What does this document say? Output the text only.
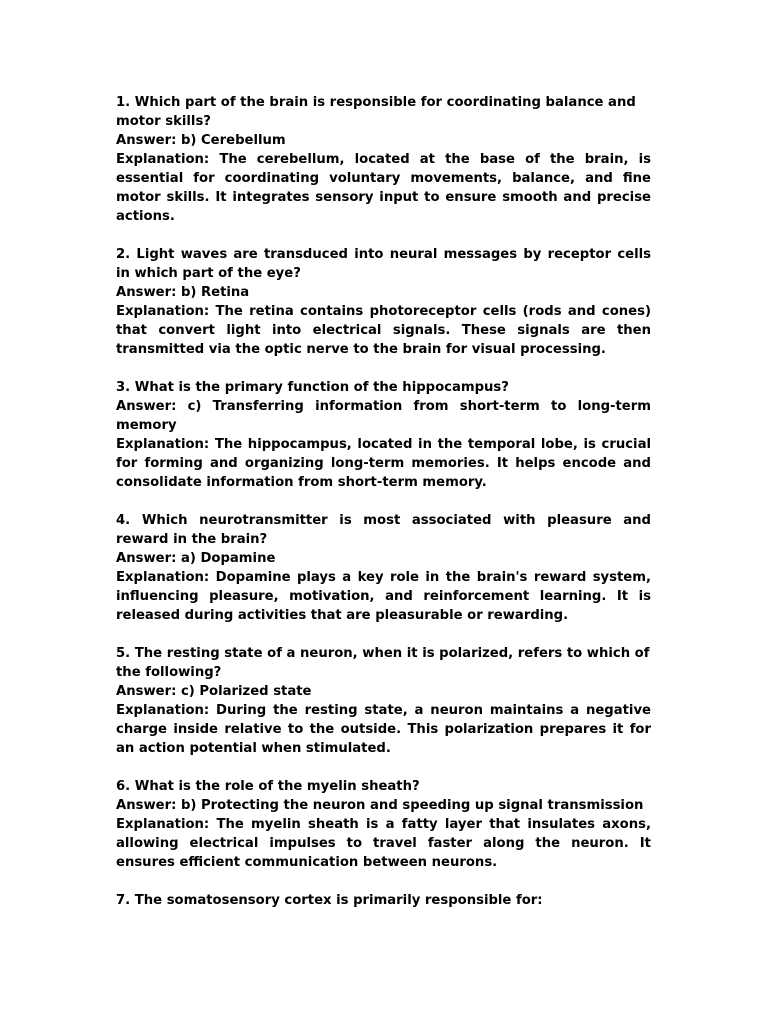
1. Which part of the brain is responsible for coordinating balance and motor skills?

Answer: b) Cerebellum

Explanation: The cerebellum, located at the base of the brain, is essential for coordinating voluntary movements, balance, and fine motor skills. It integrates sensory input to ensure smooth and precise actions.

2. Light waves are transduced into neural messages by receptor cells in which part of the eye?

Answer: b) Retina

Explanation: The retina contains photoreceptor cells (rods and cones) that convert light into electrical signals. These signals are then transmitted via the optic nerve to the brain for visual processing.

3. What is the primary function of the hippocampus?

Answer: c) Transferring information from short-term to long-term memory

Explanation: The hippocampus, located in the temporal lobe, is crucial for forming and organizing long-term memories. It helps encode and consolidate information from short-term memory.

4. Which neurotransmitter is most associated with pleasure and reward in the brain?

Answer: a) Dopamine

Explanation: Dopamine plays a key role in the brain's reward system, influencing pleasure, motivation, and reinforcement learning. It is released during activities that are pleasurable or rewarding.

5. The resting state of a neuron, when it is polarized, refers to which of the following?

Answer: c) Polarized state

Explanation: During the resting state, a neuron maintains a negative charge inside relative to the outside. This polarization prepares it for an action potential when stimulated.

6. What is the role of the myelin sheath?

Answer: b) Protecting the neuron and speeding up signal transmission

Explanation: The myelin sheath is a fatty layer that insulates axons, allowing electrical impulses to travel faster along the neuron. It ensures efficient communication between neurons.

7. The somatosensory cortex is primarily responsible for:
